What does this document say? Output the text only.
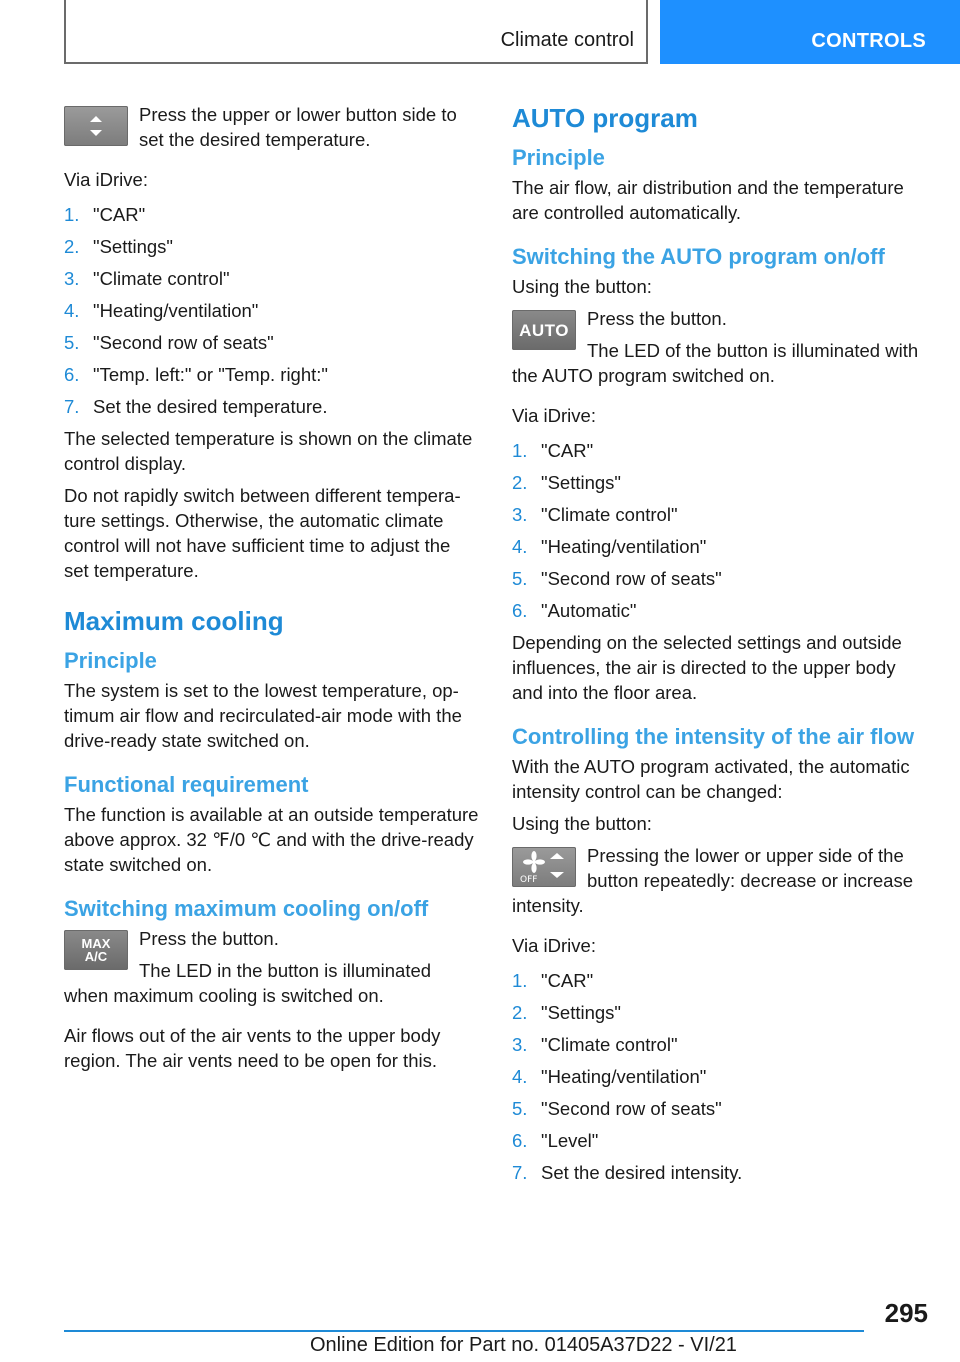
Climate control	CONTROLS

Press the upper or lower button side to set the desired temperature.

Via iDrive:

1. "CAR"
2. "Settings"
3. "Climate control"
4. "Heating/ventilation"
5. "Second row of seats"
6. "Temp. left:" or "Temp. right:"
7. Set the desired temperature.

The selected temperature is shown on the climate control display.

Do not rapidly switch between different temperature settings. Otherwise, the automatic climate control will not have sufficient time to adjust the set temperature.

Maximum cooling
Principle

The system is set to the lowest temperature, optimum air flow and recirculated-air mode with the drive-ready state switched on.

Functional requirement

The function is available at an outside temperature above approx. 32 ℉/0 ℃ and with the drive-ready state switched on.

Switching maximum cooling on/off
MAX
A/C

Press the button.

The LED in the button is illuminated when maximum cooling is switched on.

Air flows out of the air vents to the upper body region. The air vents need to be open for this.

AUTO program
Principle

The air flow, air distribution and the temperature are controlled automatically.

Switching the AUTO program on/off

Using the button:

AUTO

Press the button.

The LED of the button is illuminated with the AUTO program switched on.

Via iDrive:

1. "CAR"
2. "Settings"
3. "Climate control"
4. "Heating/ventilation"
5. "Second row of seats"
6. "Automatic"

Depending on the selected settings and outside influences, the air is directed to the upper body and into the floor area.

Controlling the intensity of the air flow

With the AUTO program activated, the automatic intensity control can be changed:

Using the button:

OFF

Pressing the lower or upper side of the button repeatedly: decrease or increase intensity.

Via iDrive:

1. "CAR"
2. "Settings"
3. "Climate control"
4. "Heating/ventilation"
5. "Second row of seats"
6. "Level"
7. Set the desired intensity.
295
Online Edition for Part no. 01405A37D22 - VI/21
